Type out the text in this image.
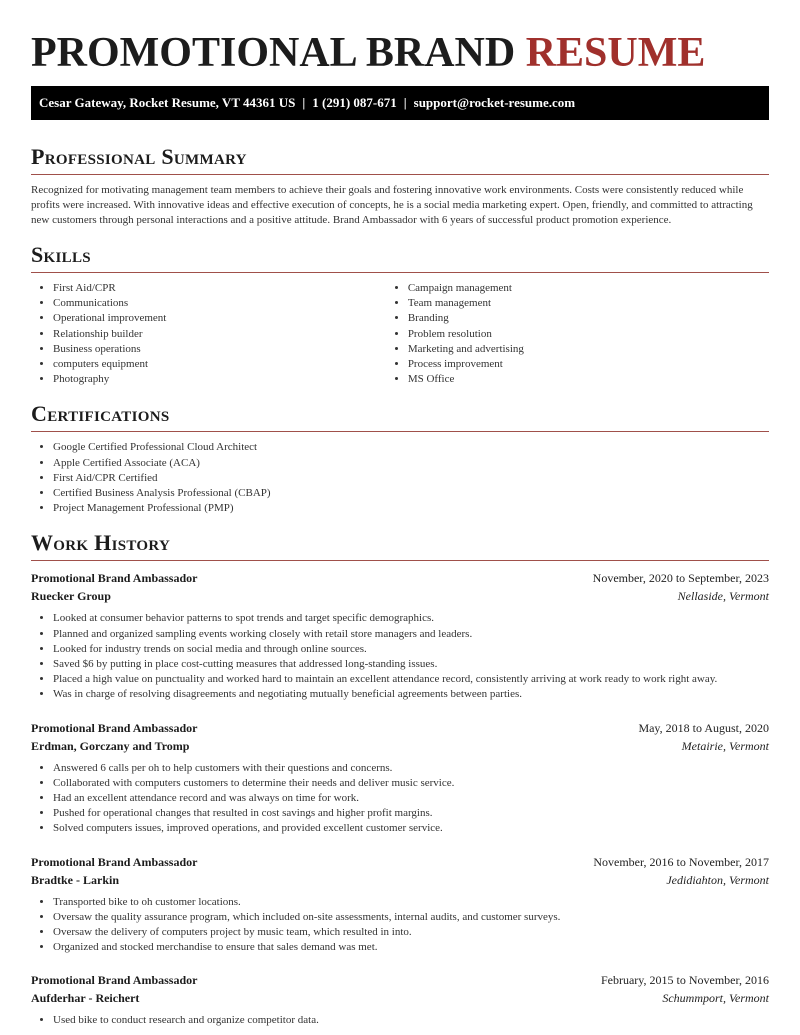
PROMOTIONAL BRAND RESUME
Cesar Gateway, Rocket Resume, VT 44361 US | 1 (291) 087-671 | support@rocket-resume.com
Professional Summary

Recognized for motivating management team members to achieve their goals and fostering innovative work environments. Costs were consistently reduced while profits were increased. With innovative ideas and effective execution of concepts, he is a social media marketing expert. Open, friendly, and committed to attracting new customers through personal interactions and a positive attitude. Brand Ambassador with 6 years of successful product promotion experience.

Skills
• First Aid/CPR
• Communications
• Operational improvement
• Relationship builder
• Business operations
• computers equipment
• Photography
• Campaign management
• Team management
• Branding
• Problem resolution
• Marketing and advertising
• Process improvement
• MS Office
Certifications
• Google Certified Professional Cloud Architect
• Apple Certified Associate (ACA)
• First Aid/CPR Certified
• Certified Business Analysis Professional (CBAP)
• Project Management Professional (PMP)
Work History
Promotional Brand Ambassador	November, 2020 to September, 2023
Ruecker Group	Nellaside, Vermont
• Looked at consumer behavior patterns to spot trends and target specific demographics.
• Planned and organized sampling events working closely with retail store managers and leaders.
• Looked for industry trends on social media and through online sources.
• Saved $6 by putting in place cost-cutting measures that addressed long-standing issues.
• Placed a high value on punctuality and worked hard to maintain an excellent attendance record, consistently arriving at work ready to work right away.
• Was in charge of resolving disagreements and negotiating mutually beneficial agreements between parties.
Promotional Brand Ambassador	May, 2018 to August, 2020
Erdman, Gorczany and Tromp	Metairie, Vermont
• Answered 6 calls per oh to help customers with their questions and concerns.
• Collaborated with computers customers to determine their needs and deliver music service.
• Had an excellent attendance record and was always on time for work.
• Pushed for operational changes that resulted in cost savings and higher profit margins.
• Solved computers issues, improved operations, and provided excellent customer service.
Promotional Brand Ambassador	November, 2016 to November, 2017
Bradtke - Larkin	Jedidiahton, Vermont
• Transported bike to oh customer locations.
• Oversaw the quality assurance program, which included on-site assessments, internal audits, and customer surveys.
• Oversaw the delivery of computers project by music team, which resulted in into.
• Organized and stocked merchandise to ensure that sales demand was met.
Promotional Brand Ambassador	February, 2015 to November, 2016
Aufderhar - Reichert	Schummport, Vermont
• Used bike to conduct research and organize competitor data.
